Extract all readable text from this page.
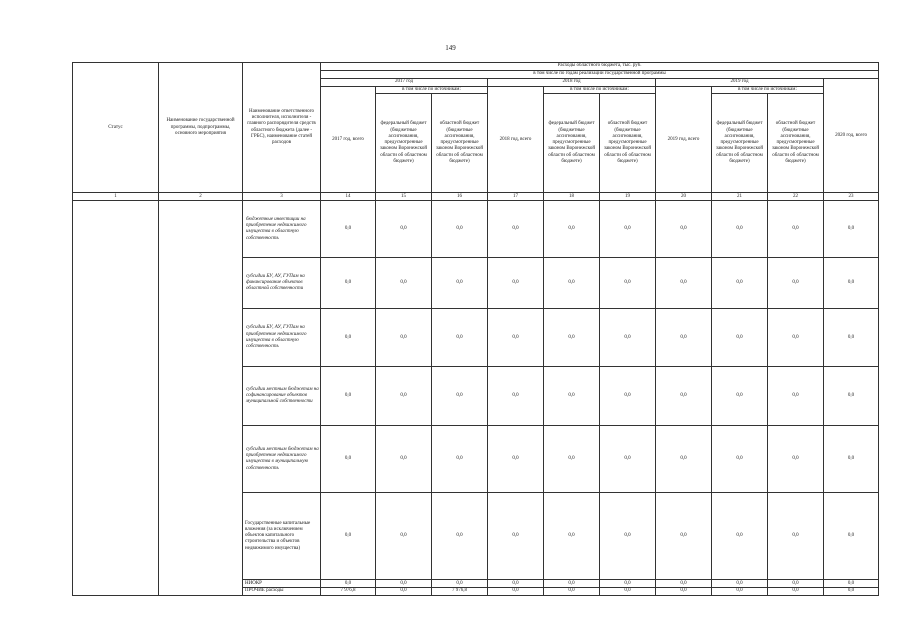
149
Статус	Наименование государственной программы, подпрограммы, основного мероприятия	Наименование ответственного исполнителя, исполнителя - главного распорядителя средств областного бюджета (далее - ГРБС), наименование статей расходов	Расходы областного бюджета, тыс. руб.									
			в том числе по годам реализации государственной программы									
			2017 год			2018 год			2019 год			2020 год, всего
			2017 год, всего	в том числе по источникам:		2018 год, всего	в том числе по источникам:		2019 год, всего	в том числе по источникам:		
				федеральный бюджет (бюджетные ассигнования, предусмотренные законом Воронежской области об областном бюджете)	областной бюджет (бюджетные ассигнования, предусмотренные законом Воронежской области об областном бюджете)		федеральный бюджет (бюджетные ассигнования, предусмотренные законом Воронежской области об областном бюджете)	областной бюджет (бюджетные ассигнования, предусмотренные законом Воронежской области об областном бюджете)		федеральный бюджет (бюджетные ассигнования, предусмотренные законом Воронежской области об областном бюджете)	областной бюджет (бюджетные ассигнования, предусмотренные законом Воронежской области об областном бюджете)	
1	2	3	14	15	16	17	18	19	20	21	22	23
		бюджетные инвестиции на приобретение недвижимого имущества в областную собственность	0,0	0,0	0,0	0,0	0,0	0,0	0,0	0,0	0,0	0,0
		субсидии БУ, АУ, ГУПам на финансирование объектов областной собственности	0,0	0,0	0,0	0,0	0,0	0,0	0,0	0,0	0,0	0,0
		субсидии БУ, АУ, ГУПам на приобретение недвижимого имущества в областную собственность	0,0	0,0	0,0	0,0	0,0	0,0	0,0	0,0	0,0	0,0
		субсидии местным бюджетам на софинансирование объектов муниципальной собственности	0,0	0,0	0,0	0,0	0,0	0,0	0,0	0,0	0,0	0,0
		субсидии местным бюджетам на приобретение недвижимого имущества в муниципальную собственность	0,0	0,0	0,0	0,0	0,0	0,0	0,0	0,0	0,0	0,0
		Государственные капитальные вложения (за исключением объектов капитального строительства и объектов недвижимого имущества)	0,0	0,0	0,0	0,0	0,0	0,0	0,0	0,0	0,0	0,0
		НИОКР	0,0	0,0	0,0	0,0	0,0	0,0	0,0	0,0	0,0	0,0
		ПРОЧИЕ расходы	7 976,8	0,0	7 976,8	0,0	0,0	0,0	0,0	0,0	0,0	0,0
